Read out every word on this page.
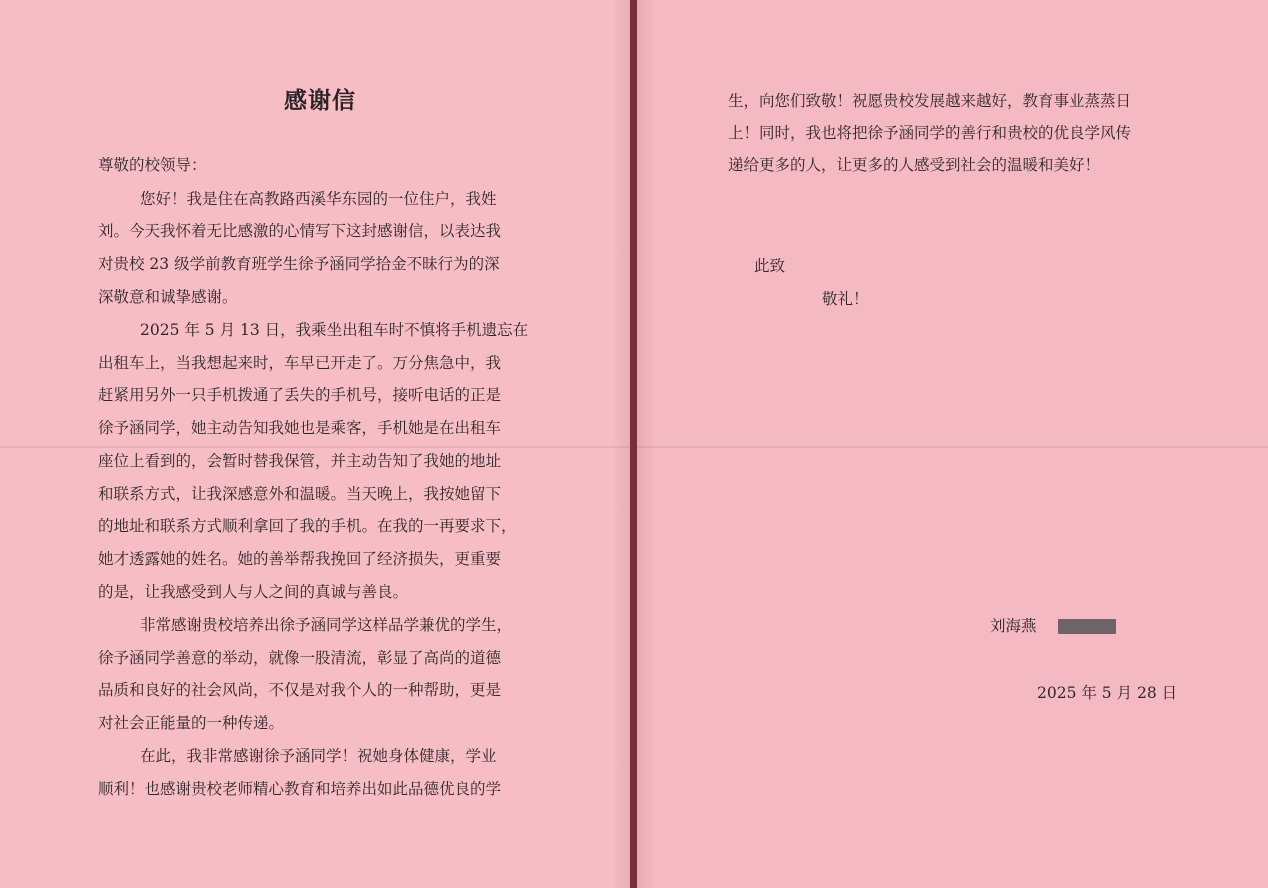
感谢信
尊敬的校领导：
您好！我是住在高教路西溪华东园的一位住户，我姓
刘。今天我怀着无比感激的心情写下这封感谢信，以表达我
对贵校 23 级学前教育班学生徐予涵同学拾金不昧行为的深
深敬意和诚挚感谢。
2025 年 5 月 13 日，我乘坐出租车时不慎将手机遗忘在
出租车上，当我想起来时，车早已开走了。万分焦急中，我
赶紧用另外一只手机拨通了丢失的手机号，接听电话的正是
徐予涵同学，她主动告知我她也是乘客，手机她是在出租车
座位上看到的，会暂时替我保管，并主动告知了我她的地址
和联系方式，让我深感意外和温暖。当天晚上，我按她留下
的地址和联系方式顺利拿回了我的手机。在我的一再要求下，
她才透露她的姓名。她的善举帮我挽回了经济损失，更重要
的是，让我感受到人与人之间的真诚与善良。
非常感谢贵校培养出徐予涵同学这样品学兼优的学生，
徐予涵同学善意的举动，就像一股清流，彰显了高尚的道德
品质和良好的社会风尚，不仅是对我个人的一种帮助，更是
对社会正能量的一种传递。
在此，我非常感谢徐予涵同学！祝她身体健康，学业
顺利！也感谢贵校老师精心教育和培养出如此品德优良的学
生，向您们致敬！祝愿贵校发展越来越好，教育事业蒸蒸日
上！同时，我也将把徐予涵同学的善行和贵校的优良学风传
递给更多的人，让更多的人感受到社会的温暖和美好！
此致
敬礼！
刘海燕
2025 年 5 月 28 日
